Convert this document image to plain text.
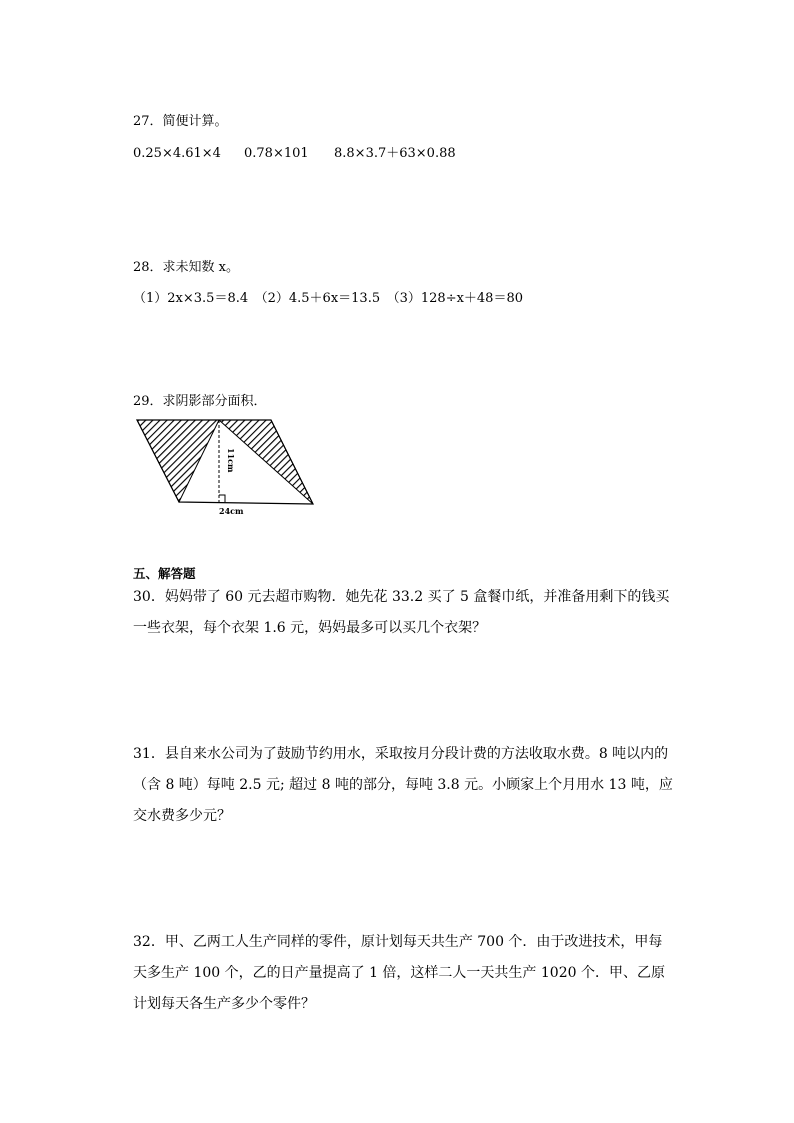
27．简便计算。
0.25×4.61×4 0.78×101 8.8×3.7＋63×0.88
28．求未知数 x。
（1）2x×3.5＝8.4　（2）4.5＋6x＝13.5　（3）128÷x＋48＝80
29．求阴影部分面积．
11cm
24cm
五、解答题
30．妈妈带了 60 元去超市购物．她先花 33.2 买了 5 盒餐巾纸，并准备用剩下的钱买一些衣架，每个衣架 1.6 元，妈妈最多可以买几个衣架？
31．县自来水公司为了鼓励节约用水，采取按月分段计费的方法收取水费。8 吨以内的（含 8 吨）每吨 2.5 元; 超过 8 吨的部分，每吨 3.8 元。小顾家上个月用水 13 吨，应交水费多少元？
32．甲、乙两工人生产同样的零件，原计划每天共生产 700 个．由于改进技术，甲每天多生产 100 个，乙的日产量提高了 1 倍，这样二人一天共生产 1020 个．甲、乙原计划每天各生产多少个零件？
